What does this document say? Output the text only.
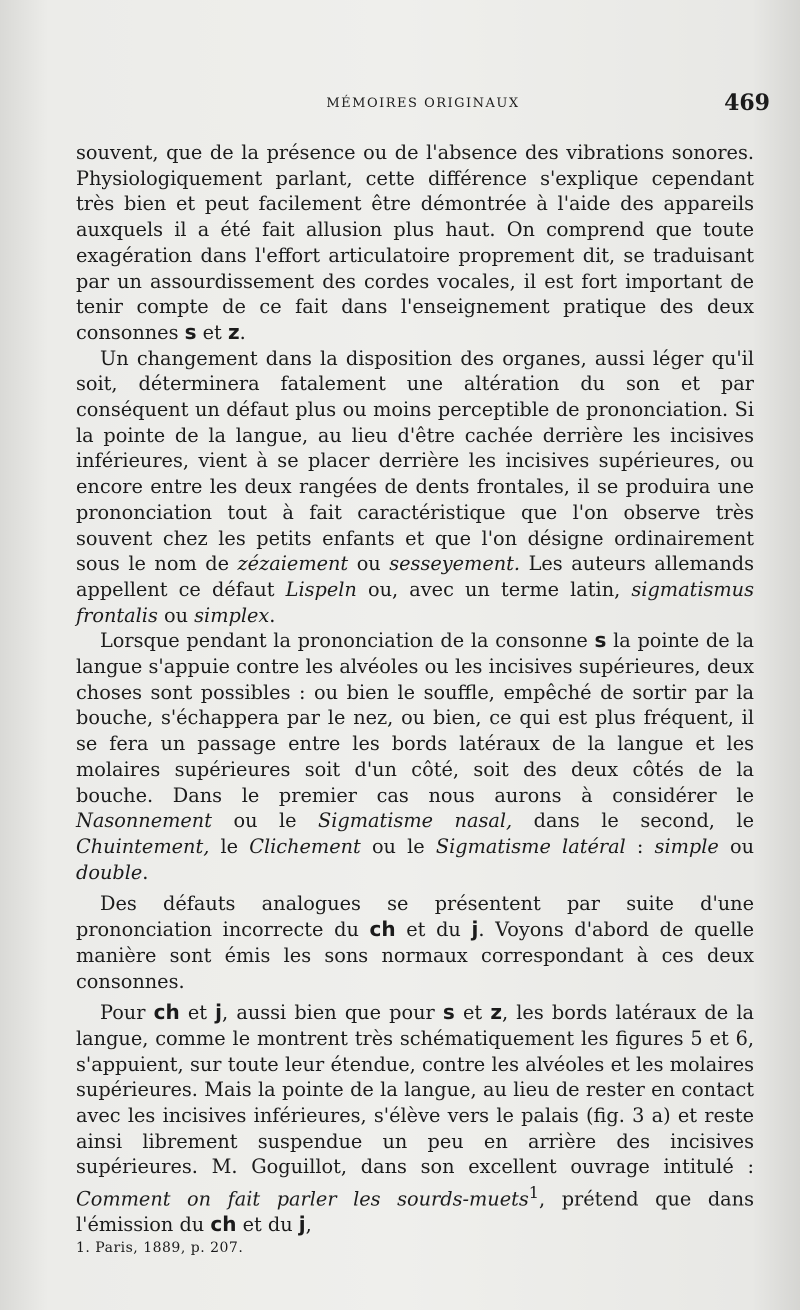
MÉMOIRES ORIGINAUX	469

souvent, que de la présence ou de l'absence des vibrations sonores. Physiologiquement parlant, cette différence s'explique cependant très bien et peut facilement être démontrée à l'aide des appareils auxquels il a été fait allusion plus haut. On comprend que toute exagération dans l'effort articulatoire proprement dit, se traduisant par un assourdissement des cordes vocales, il est fort important de tenir compte de ce fait dans l'enseignement pratique des deux consonnes s et z.

Un changement dans la disposition des organes, aussi léger qu'il soit, déterminera fatalement une altération du son et par conséquent un défaut plus ou moins perceptible de prononciation. Si la pointe de la langue, au lieu d'être cachée derrière les incisives inférieures, vient à se placer derrière les incisives supérieures, ou encore entre les deux rangées de dents frontales, il se produira une prononciation tout à fait caractéristique que l'on observe très souvent chez les petits enfants et que l'on désigne ordinairement sous le nom de zézaiement ou sesseyement. Les auteurs allemands appellent ce défaut Lispeln ou, avec un terme latin, sigmatismus frontalis ou simplex.

Lorsque pendant la prononciation de la consonne s la pointe de la langue s'appuie contre les alvéoles ou les incisives supérieures, deux choses sont possibles : ou bien le souffle, empêché de sortir par la bouche, s'échappera par le nez, ou bien, ce qui est plus fréquent, il se fera un passage entre les bords latéraux de la langue et les molaires supérieures soit d'un côté, soit des deux côtés de la bouche. Dans le premier cas nous aurons à considérer le Nasonnement ou le Sigmatisme nasal, dans le second, le Chuintement, le Clichement ou le Sigmatisme latéral : simple ou double.

Des défauts analogues se présentent par suite d'une prononciation incorrecte du ch et du j. Voyons d'abord de quelle manière sont émis les sons normaux correspondant à ces deux consonnes.

Pour ch et j, aussi bien que pour s et z, les bords latéraux de la langue, comme le montrent très schématiquement les figures 5 et 6, s'appuient, sur toute leur étendue, contre les alvéoles et les molaires supérieures. Mais la pointe de la langue, au lieu de rester en contact avec les incisives inférieures, s'élève vers le palais (fig. 3 a) et reste ainsi librement suspendue un peu en arrière des incisives supérieures. M. Goguillot, dans son excellent ouvrage intitulé : Comment on fait parler les sourds-muets$^1$, prétend que dans l'émission du ch et du j,

1. Paris, 1889, p. 207.
